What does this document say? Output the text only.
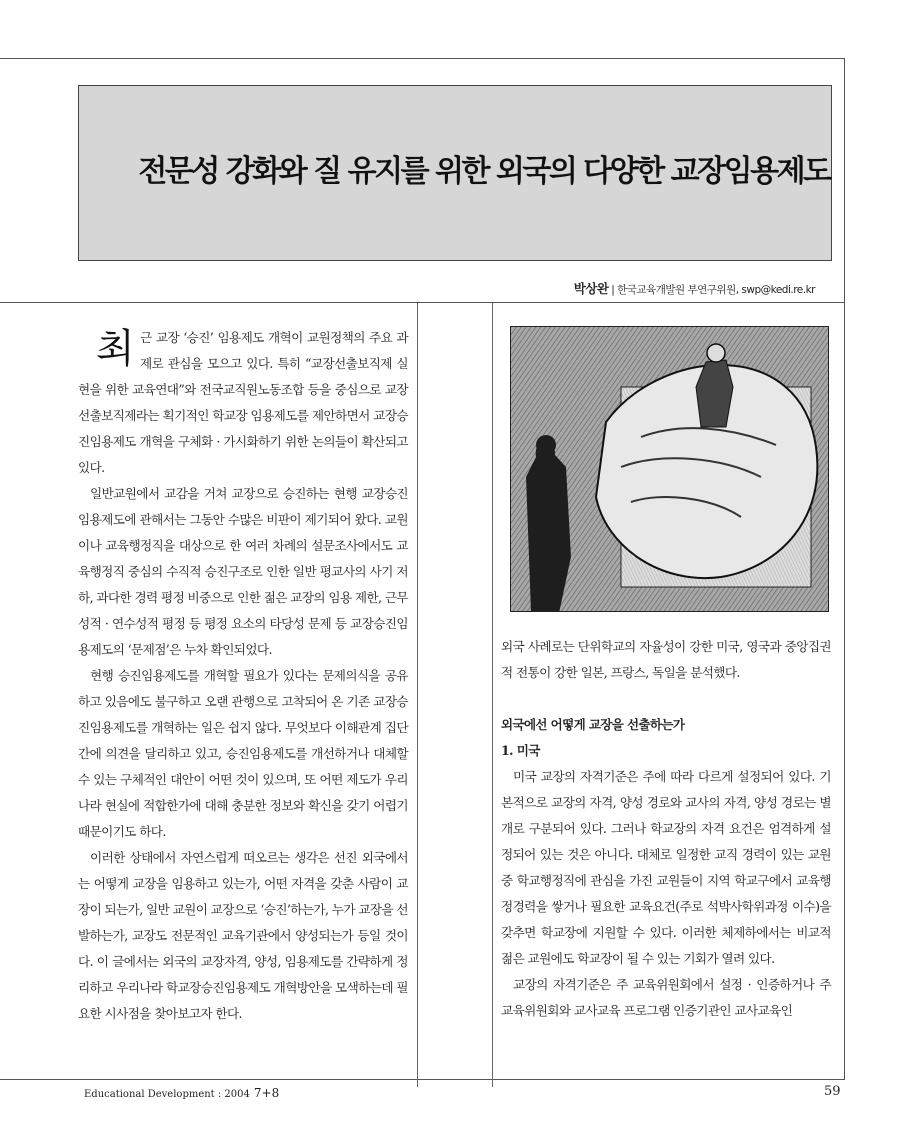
전문성 강화와 질 유지를 위한 외국의 다양한 교장임용제도
박상완 | 한국교육개발원 부연구위원, swp@kedi.re.kr

최근 교장 ‘승진’ 임용제도 개혁이 교원정책의 주요 과제로 관심을 모으고 있다. 특히 “교장선출보직제 실현을 위한 교육연대”와 전국교직원노동조합 등을 중심으로 교장선출보직제라는 획기적인 학교장 임용제도를 제안하면서 교장승진임용제도 개혁을 구체화 · 가시화하기 위한 논의들이 확산되고 있다.

일반교원에서 교감을 거쳐 교장으로 승진하는 현행 교장승진임용제도에 관해서는 그동안 수많은 비판이 제기되어 왔다. 교원이나 교육행정직을 대상으로 한 여러 차례의 설문조사에서도 교육행정직 중심의 수직적 승진구조로 인한 일반 평교사의 사기 저하, 과다한 경력 평정 비중으로 인한 젊은 교장의 임용 제한, 근무성적 · 연수성적 평정 등 평정 요소의 타당성 문제 등 교장승진임용제도의 ‘문제점’은 누차 확인되었다.

현행 승진임용제도를 개혁할 필요가 있다는 문제의식을 공유하고 있음에도 불구하고 오랜 관행으로 고착되어 온 기존 교장승진임용제도를 개혁하는 일은 쉽지 않다. 무엇보다 이해관계 집단간에 의견을 달리하고 있고, 승진임용제도를 개선하거나 대체할 수 있는 구체적인 대안이 어떤 것이 있으며, 또 어떤 제도가 우리나라 현실에 적합한가에 대해 충분한 정보와 확신을 갖기 어렵기 때문이기도 하다.

이러한 상태에서 자연스럽게 떠오르는 생각은 선진 외국에서는 어떻게 교장을 임용하고 있는가, 어떤 자격을 갖춘 사람이 교장이 되는가, 일반 교원이 교장으로 ‘승진’하는가, 누가 교장을 선발하는가, 교장도 전문적인 교육기관에서 양성되는가 등일 것이다. 이 글에서는 외국의 교장자격, 양성, 임용제도를 간략하게 정리하고 우리나라 학교장승진임용제도 개혁방안을 모색하는데 필요한 시사점을 찾아보고자 한다.

외국 사례로는 단위학교의 자율성이 강한 미국, 영국과 중앙집권적 전통이 강한 일본, 프랑스, 독일을 분석했다.

외국에선 어떻게 교장을 선출하는가

1. 미국

미국 교장의 자격기준은 주에 따라 다르게 설정되어 있다. 기본적으로 교장의 자격, 양성 경로와 교사의 자격, 양성 경로는 별개로 구분되어 있다. 그러나 학교장의 자격 요건은 엄격하게 설정되어 있는 것은 아니다. 대체로 일정한 교직 경력이 있는 교원중 학교행정직에 관심을 가진 교원들이 지역 학교구에서 교육행정경력을 쌓거나 필요한 교육요건(주로 석박사학위과정 이수)을 갖추면 학교장에 지원할 수 있다. 이러한 체제하에서는 비교적 젊은 교원에도 학교장이 될 수 있는 기회가 열려 있다.

교장의 자격기준은 주 교육위원회에서 설정 · 인증하거나 주 교육위원회와 교사교육 프로그램 인증기관인 교사교육인

Educational Development : 2004 7+8	59
